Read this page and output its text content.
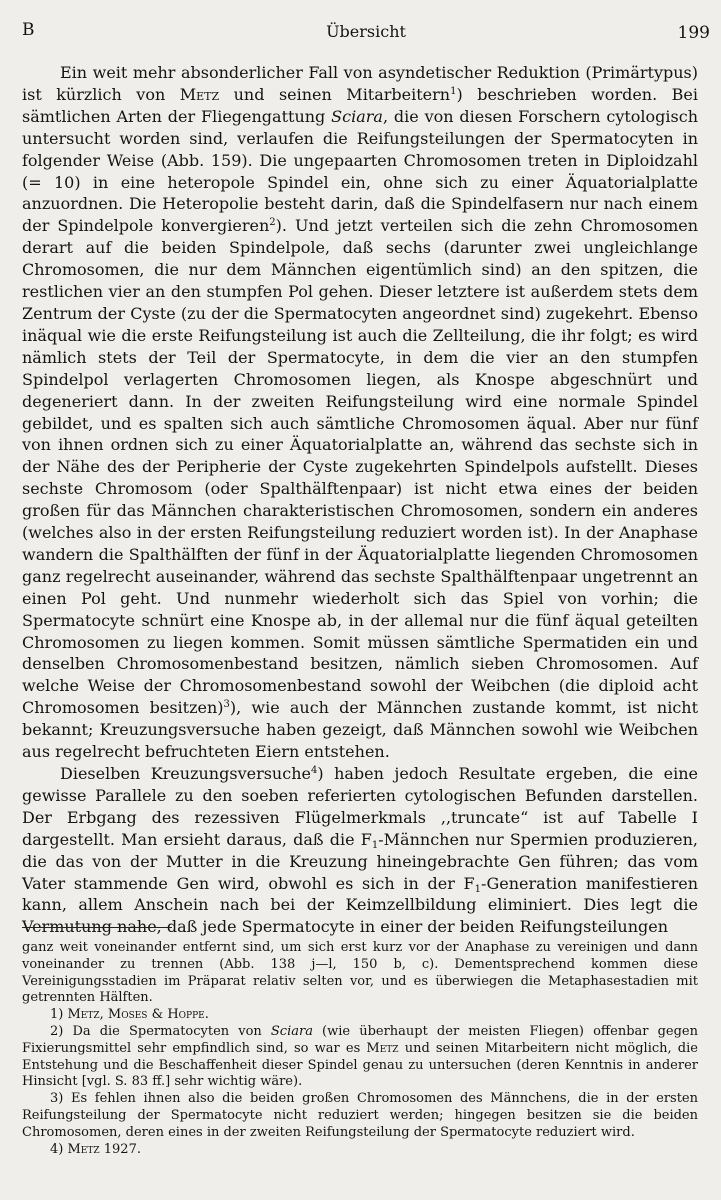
B	Übersicht	199

Ein weit mehr absonderlicher Fall von asyndetischer Reduktion (Primärtypus) ist kürzlich von Metz und seinen Mitarbeitern$^1$) beschrieben worden. Bei sämtlichen Arten der Fliegengattung Sciara, die von diesen Forschern cytologisch untersucht worden sind, verlaufen die Reifungsteilungen der Spermatocyten in folgender Weise (Abb. 159). Die ungepaarten Chromosomen treten in Diploidzahl (= 10) in eine heteropole Spindel ein, ohne sich zu einer Äquatorialplatte anzuordnen. Die Heteropolie besteht darin, daß die Spindelfasern nur nach einem der Spindelpole konvergieren$^2$). Und jetzt verteilen sich die zehn Chromosomen derart auf die beiden Spindelpole, daß sechs (darunter zwei ungleichlange Chromosomen, die nur dem Männchen eigentümlich sind) an den spitzen, die restlichen vier an den stumpfen Pol gehen. Dieser letztere ist außerdem stets dem Zentrum der Cyste (zu der die Spermatocyten angeordnet sind) zugekehrt. Ebenso inäqual wie die erste Reifungsteilung ist auch die Zellteilung, die ihr folgt; es wird nämlich stets der Teil der Spermatocyte, in dem die vier an den stumpfen Spindelpol verlagerten Chromosomen liegen, als Knospe abgeschnürt und degeneriert dann. In der zweiten Reifungsteilung wird eine normale Spindel gebildet, und es spalten sich auch sämtliche Chromosomen äqual. Aber nur fünf von ihnen ordnen sich zu einer Äquatorialplatte an, während das sechste sich in der Nähe des der Peripherie der Cyste zugekehrten Spindelpols aufstellt. Dieses sechste Chromosom (oder Spalthälftenpaar) ist nicht etwa eines der beiden großen für das Männchen charakteristischen Chromosomen, sondern ein anderes (welches also in der ersten Reifungsteilung reduziert worden ist). In der Anaphase wandern die Spalthälften der fünf in der Äquatorialplatte liegenden Chromosomen ganz regelrecht auseinander, während das sechste Spalthälftenpaar ungetrennt an einen Pol geht. Und nunmehr wiederholt sich das Spiel von vorhin; die Spermatocyte schnürt eine Knospe ab, in der allemal nur die fünf äqual geteilten Chromosomen zu liegen kommen. Somit müssen sämtliche Spermatiden ein und denselben Chromosomenbestand besitzen, nämlich sieben Chromosomen. Auf welche Weise der Chromosomenbestand sowohl der Weibchen (die diploid acht Chromosomen besitzen)$^3$), wie auch der Männchen zustande kommt, ist nicht bekannt; Kreuzungsversuche haben gezeigt, daß Männchen sowohl wie Weibchen aus regelrecht befruchteten Eiern entstehen.

Dieselben Kreuzungsversuche$^4$) haben jedoch Resultate ergeben, die eine gewisse Parallele zu den soeben referierten cytologischen Befunden darstellen. Der Erbgang des rezessiven Flügelmerkmals ,,truncate“ ist auf Tabelle I dargestellt. Man ersieht daraus, daß die $F_1$-Männchen nur Spermien produzieren, die das von der Mutter in die Kreuzung hineingebrachte Gen führen; das vom Vater stammende Gen wird, obwohl es sich in der $F_1$-Generation manifestieren kann, allem Anschein nach bei der Keimzellbildung eliminiert. Dies legt die Vermutung nahe, daß jede Spermatocyte in einer der beiden Reifungsteilungen

ganz weit voneinander entfernt sind, um sich erst kurz vor der Anaphase zu vereinigen und dann voneinander zu trennen (Abb. 138 j—l, 150 b, c). Dementsprechend kommen diese Vereinigungsstadien im Präparat relativ selten vor, und es überwiegen die Metaphasestadien mit getrennten Hälften.

1) Metz, Moses & Hoppe.

2) Da die Spermatocyten von Sciara (wie überhaupt der meisten Fliegen) offenbar gegen Fixierungsmittel sehr empfindlich sind, so war es Metz und seinen Mitarbeitern nicht möglich, die Entstehung und die Beschaffenheit dieser Spindel genau zu untersuchen (deren Kenntnis in anderer Hinsicht [vgl. S. 83 ff.] sehr wichtig wäre).

3) Es fehlen ihnen also die beiden großen Chromosomen des Männchens, die in der ersten Reifungsteilung der Spermatocyte nicht reduziert werden; hingegen besitzen sie die beiden Chromosomen, deren eines in der zweiten Reifungsteilung der Spermatocyte reduziert wird.

4) Metz 1927.
